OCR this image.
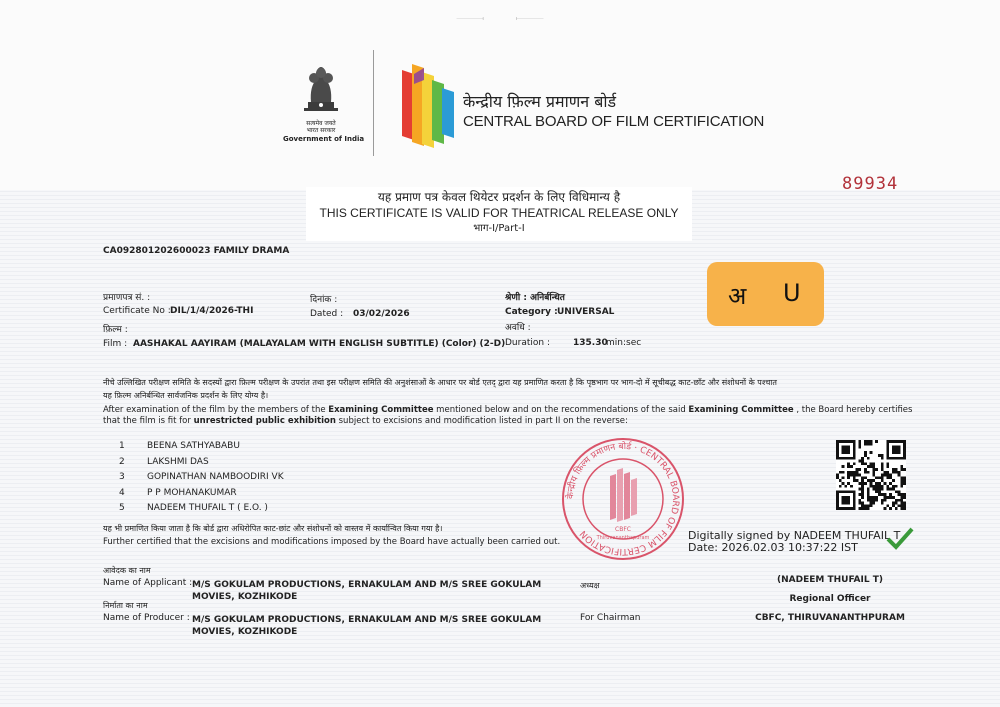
सत्यमेव जयते
भारत सरकार
Government of India
केन्द्रीय फ़िल्म प्रमाणन बोर्ड
CENTRAL BOARD OF FILM CERTIFICATION
89934
यह प्रमाण पत्र केवल थियेटर प्रदर्शन के लिए विधिमान्य है
THIS CERTIFICATE IS VALID FOR THEATRICAL RELEASE ONLY
भाग-I/Part-I
CA092801202600023 FAMILY DRAMA
प्रमाणपत्र सं. :
Certificate No : DIL/1/4/2026-THI
दिनांक :
Dated : 03/02/2026
श्रेणी : अनिर्बन्धित
Category : UNIVERSAL
फ़िल्म :
Film : AASHAKAL AAYIRAM (MALAYALAM WITH ENGLISH SUBTITLE) (Color) (2-D)
अवधि :
Duration :	135.30
min:sec
अ U
नीचे उल्लिखित परीक्षण समिति के सदस्यों द्वारा फ़िल्म परीक्षण के उपरांत तथा इस परीक्षण समिति की अनुशंसाओं के आधार पर बोर्ड एतद् द्वारा यह प्रमाणित करता है कि पृष्ठभाग पर भाग-दो में सूचीबद्ध काट-छाँट और संशोधनों के पश्चात
यह फ़िल्म अनिर्बन्धित सार्वजनिक प्रदर्शन के लिए योग्य है।
After examination of the film by the members of the Examining Committee mentioned below and on the recommendations of the said Examining Committee , the Board hereby certifies
that the film is fit for unrestricted public exhibition subject to excisions and modification listed in part II on the reverse:
1 BEENA SATHYABABU
2 LAKSHMI DAS
3 GOPINATHAN NAMBOODIRI VK
4 P P MOHANAKUMAR
5 NADEEM THUFAIL T ( E.O. )
केन्द्रीय फ़िल्म प्रमाणन बोर्ड · CENTRAL BOARD OF FILM CERTIFICATION	CBFC
Thiruvananthapuram	Digitally signed by NADEEM THUFAIL T
Date: 2026.02.03 10:37:22 IST
यह भी प्रमाणित किया जाता है कि बोर्ड द्वारा अधिरोपित काट-छांट और संशोधनों को वास्तव में कार्यान्वित किया गया है।
Further certified that the excisions and modifications imposed by the Board have actually been carried out.
आवेदक का नाम
Name of Applicant : M/S GOKULAM PRODUCTIONS, ERNAKULAM AND M/S SREE GOKULAM
MOVIES, KOZHIKODE
निर्माता का नाम
Name of Producer : M/S GOKULAM PRODUCTIONS, ERNAKULAM AND M/S SREE GOKULAM
MOVIES, KOZHIKODE
अध्यक्ष
For Chairman
(NADEEM THUFAIL T)
Regional Officer
CBFC, THIRUVANANTHPURAM
